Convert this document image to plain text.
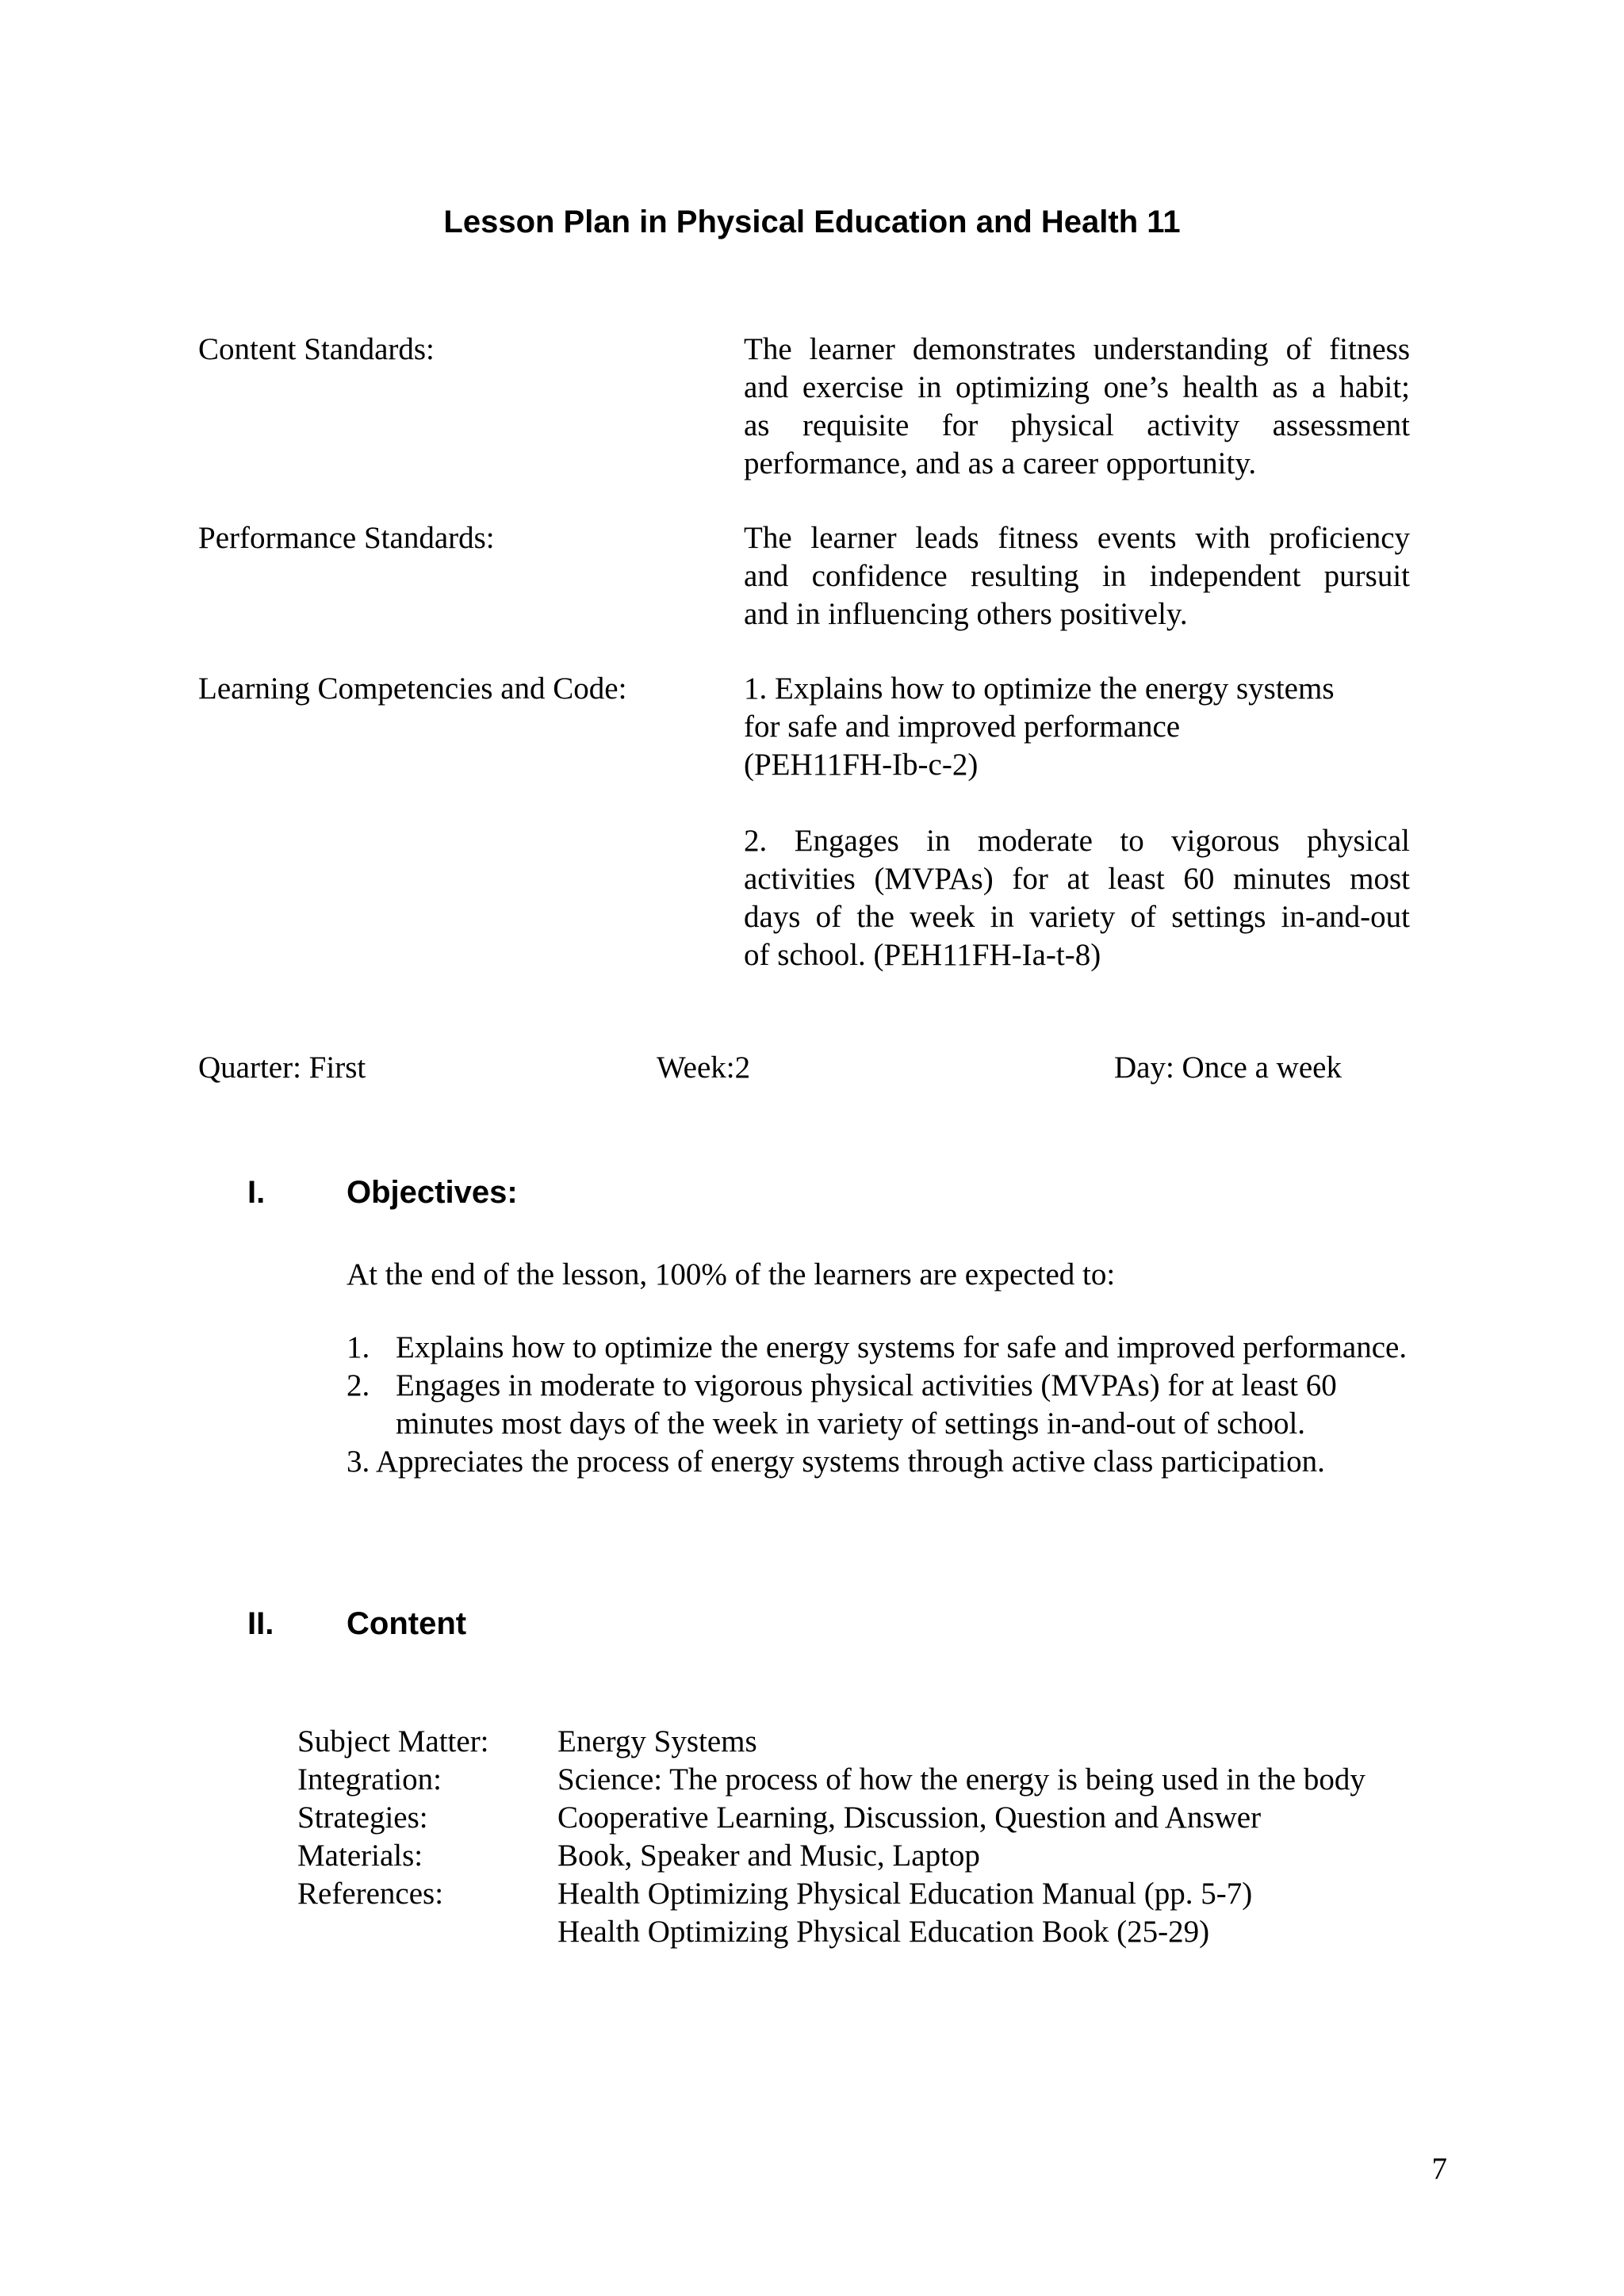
Lesson Plan in Physical Education and Health 11
Content Standards:	The learner demonstrates understanding of fitness
and exercise in optimizing one’s health as a habit;
as requisite for physical activity assessment
performance, and as a career opportunity.
Performance Standards:	The learner leads fitness events with proficiency
and confidence resulting in independent pursuit
and in influencing others positively.
Learning Competencies and Code:	1. Explains how to optimize the energy systems
for safe and improved performance
(PEH11FH-Ib-c-2)
2. Engages in moderate to vigorous physical
activities (MVPAs) for at least 60 minutes most
days of the week in variety of settings in-and-out
of school. (PEH11FH-Ia-t-8)
Quarter: First	Week:2	Day: Once a week
I.	Objectives:
At the end of the lesson, 100% of the learners are expected to:
1. Explains how to optimize the energy systems for safe and improved performance.
2. Engages in moderate to vigorous physical activities (MVPAs) for at least 60 minutes most days of the week in variety of settings in-and-out of school.
3. Appreciates the process of energy systems through active class participation.
II. Content
Subject Matter:	Energy Systems
Integration:	Science: The process of how the energy is being used in the body
Strategies:	Cooperative Learning, Discussion, Question and Answer
Materials:	Book, Speaker and Music, Laptop
References:	Health Optimizing Physical Education Manual (pp. 5-7)
Health Optimizing Physical Education Book (25-29)
7
